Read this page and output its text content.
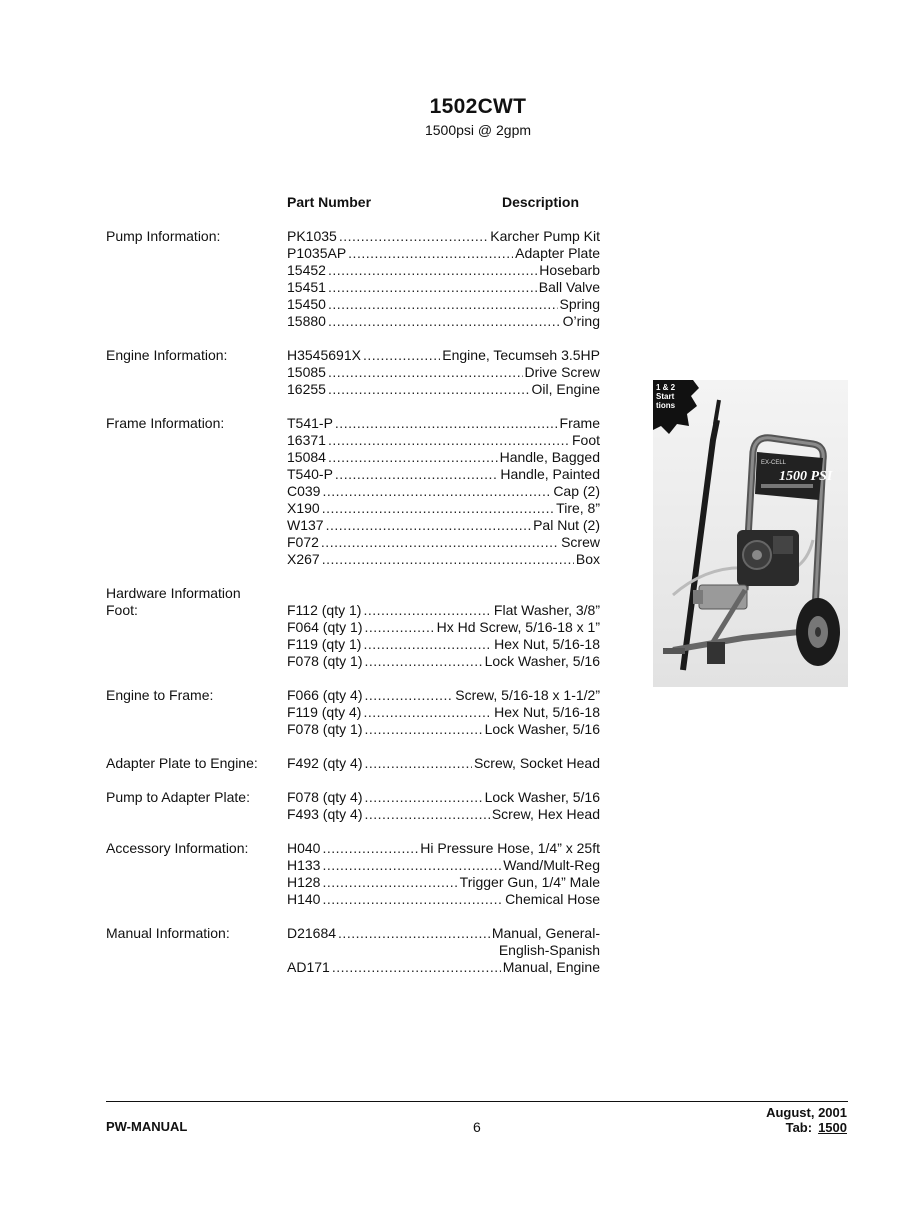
1502CWT
1500psi @ 2gpm
Part Number	Description
Pump Information:	PK1035 .....	Karcher Pump Kit
P1035AP .....	Adapter Plate
15452 .....	Hosebarb
15451 .....	Ball Valve
15450 .....	Spring
15880 .....	O’ring
Engine Information:	H3545691X .....	Engine, Tecumseh 3.5HP
15085 .....	Drive Screw
16255 .....	Oil, Engine
Frame Information:	T541-P .....	Frame
16371 .....	Foot
15084 .....	Handle, Bagged
T540-P .....	Handle, Painted
C039 .....	Cap (2)
X190 .....	Tire, 8”
W137 .....	Pal Nut (2)
F072 .....	Screw
X267 .....	Box
Hardware Information
Foot:	F112 (qty 1) .....	Flat Washer, 3/8”
F064 (qty 1) .....	Hx Hd Screw, 5/16-18 x 1”
F119 (qty 1) .....	Hex Nut, 5/16-18
F078 (qty 1) .....	Lock Washer, 5/16
Engine to Frame:	F066 (qty 4) .....	Screw, 5/16-18 x 1-1/2”
F119 (qty 4) .....	Hex Nut, 5/16-18
F078 (qty 1) .....	Lock Washer, 5/16
Adapter Plate to Engine:	F492 (qty 4) .....	Screw, Socket Head
Pump to Adapter Plate:	F078 (qty 4) .....	Lock Washer, 5/16
F493 (qty 4) .....	Screw, Hex Head
Accessory Information:	H040 .....	Hi Pressure Hose, 1/4” x 25ft
H133 .....	Wand/Mult-Reg
H128 .....	Trigger Gun, 1/4” Male
H140 .....	Chemical Hose
Manual Information:	D21684 .....	Manual, General-
English-Spanish
AD171 .....	Manual, Engine
1 & 2
Start
tions
EX-CELL
1500 PSI
PW-MANUAL	6
August, 2001
Tab: 1500
